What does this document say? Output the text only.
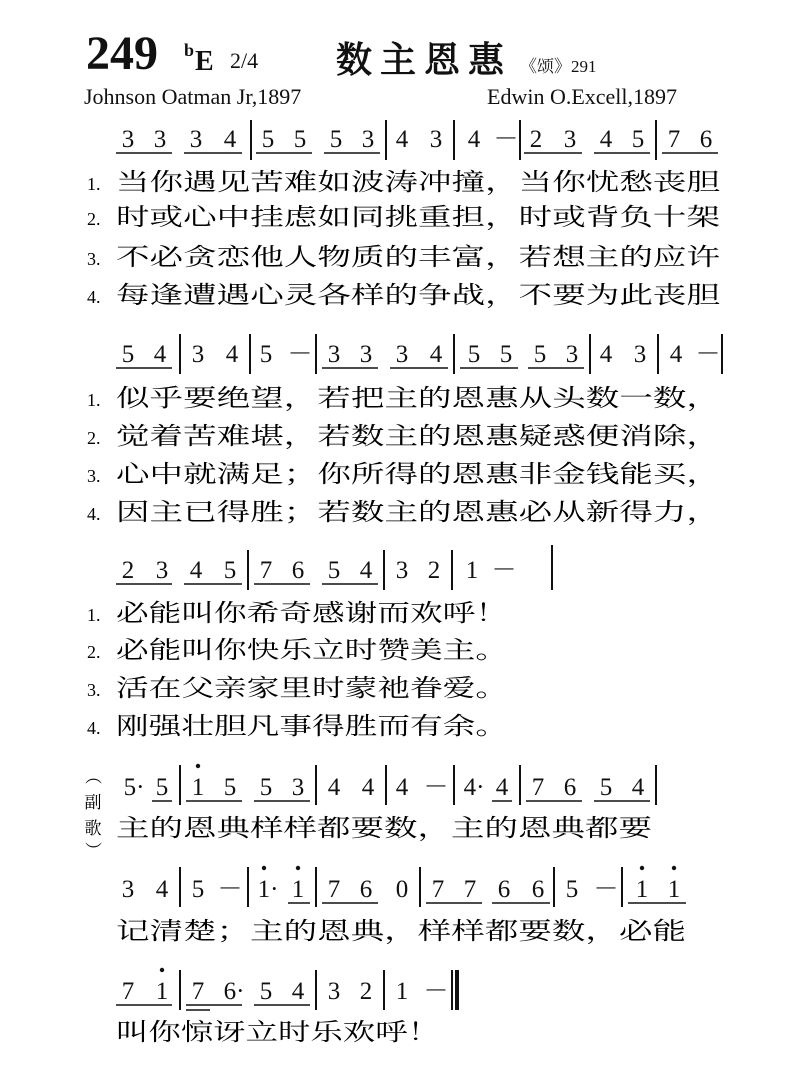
249 $^b$E 2/4 数主恩惠 《颂》291
Johnson Oatman Jr,1897	Edwin O.Excell,1897
3 3 3 4 5 5 5 3 4 3 4 － 2 3 4 5 7 6
1. 当你遇见苦难如波涛冲撞，当你忧愁丧胆
2. 时或心中挂虑如同挑重担，时或背负十架
3. 不必贪恋他人物质的丰富，若想主的应许
4. 每逢遭遇心灵各样的争战，不要为此丧胆
5 4 3 4 5 － 3 3 3 4 5 5 5 3 4 3 4 －
1. 似乎要绝望，若把主的恩惠从头数一数，
2. 觉着苦难堪，若数主的恩惠疑惑便消除，
3. 心中就满足；你所得的恩惠非金钱能买，
4. 因主已得胜；若数主的恩惠必从新得力，
2 3 4 5 7 6 5 4 3 2 1 －
1. 必能叫你希奇感谢而欢呼！
2. 必能叫你快乐立时赞美主。
3. 活在父亲家里时蒙祂眷爱。
4. 刚强壮胆凡事得胜而有余。
（
副
歌
）
5· 5 1 5 5 3 4 4 4 － 4· 4 7 6 5 4
主的恩典样样都要数，主的恩典都要
3 4 5 － 1· 1 7 6 0 7 7 6 6 5 － 1 1
记清楚；主的恩典，样样都要数，必能
7 1 7 6· 5 4 3 2 1 －
叫你惊讶立时乐欢呼！
